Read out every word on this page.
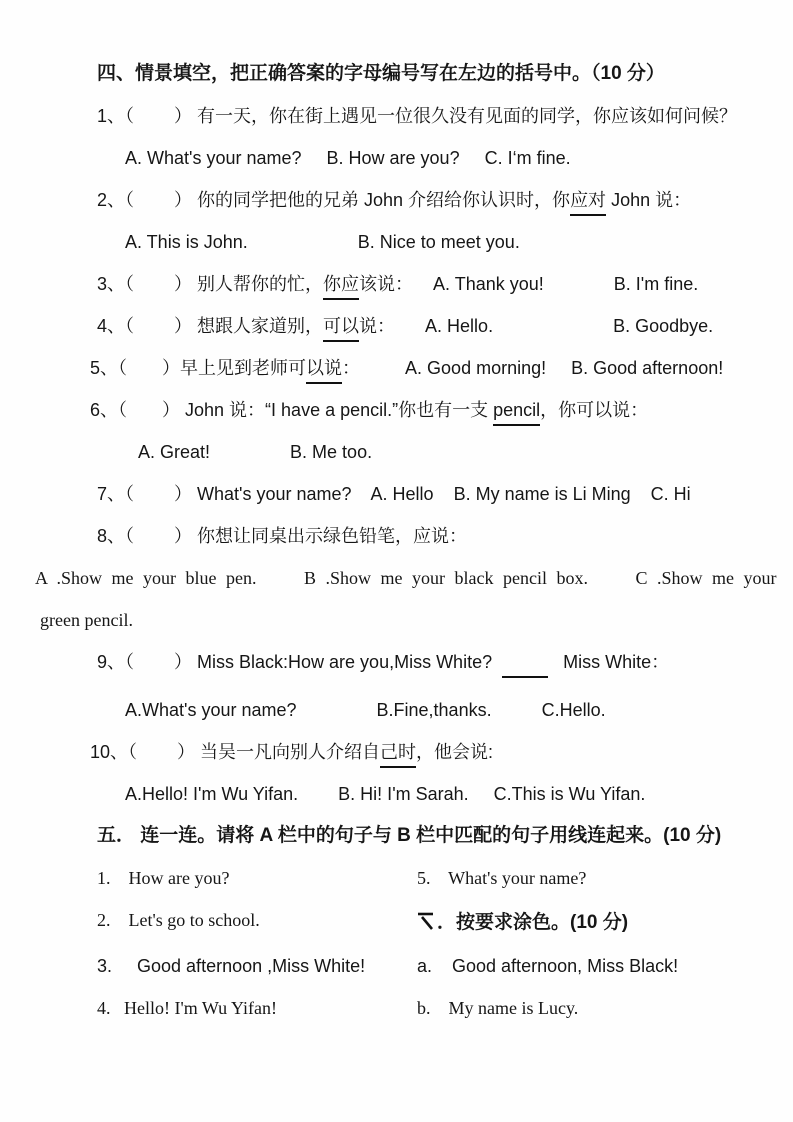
四、情景填空，把正确答案的字母编号写在左边的括号中。（10 分）
1、（        ） 有一天，你在街上遇见一位很久没有见面的同学，你应该如何问候？
A. What's your name?     B. How are you?     C. I‘m fine.
2、（        ） 你的同学把他的兄弟 John 介绍给你认识时，你应对 John 说：
A. This is John.                      B. Nice to meet you.
3、（        ） 别人帮你的忙，你应该说：    A. Thank you!              B. I'm fine.
4、（        ） 想跟人家道别，可以说：      A. Hello.                        B. Goodbye.
5、（       ）早上见到老师可以说：         A. Good morning!     B. Good afternoon!
6、（       ） John 说：“I have a pencil.”你也有一支 pencil，你可以说：
A. Great!                B. Me too.
7、（        ） What's your name?    A. Hello    B. My name is Li Ming    C. Hi
8、（        ） 你想让同桌出示绿色铅笔，应说：
A .Show me your blue pen.     B .Show me your black pencil box.     C .Show me your
green pencil.
9、（        ） Miss Black:How are you,Miss White?	Miss White：
A.What's your name?                B.Fine,thanks.          C.Hello.
10、（        ） 当吴一凡向别人介绍自己时，他会说:
A.Hello! I'm Wu Yifan.        B. Hi! I'm Sarah.     C.This is Wu Yifan.
五． 连一连。请将 A 栏中的句子与 B 栏中匹配的句子用线连起来。(10 分)
1.    How are you?	5.    What's your name?
2.    Let's go to school.	．按要求涂色。(10 分)
3.     Good afternoon ,Miss White!	a.    Good afternoon, Miss Black!
4.   Hello! I'm Wu Yifan!	b.    My name is Lucy.
